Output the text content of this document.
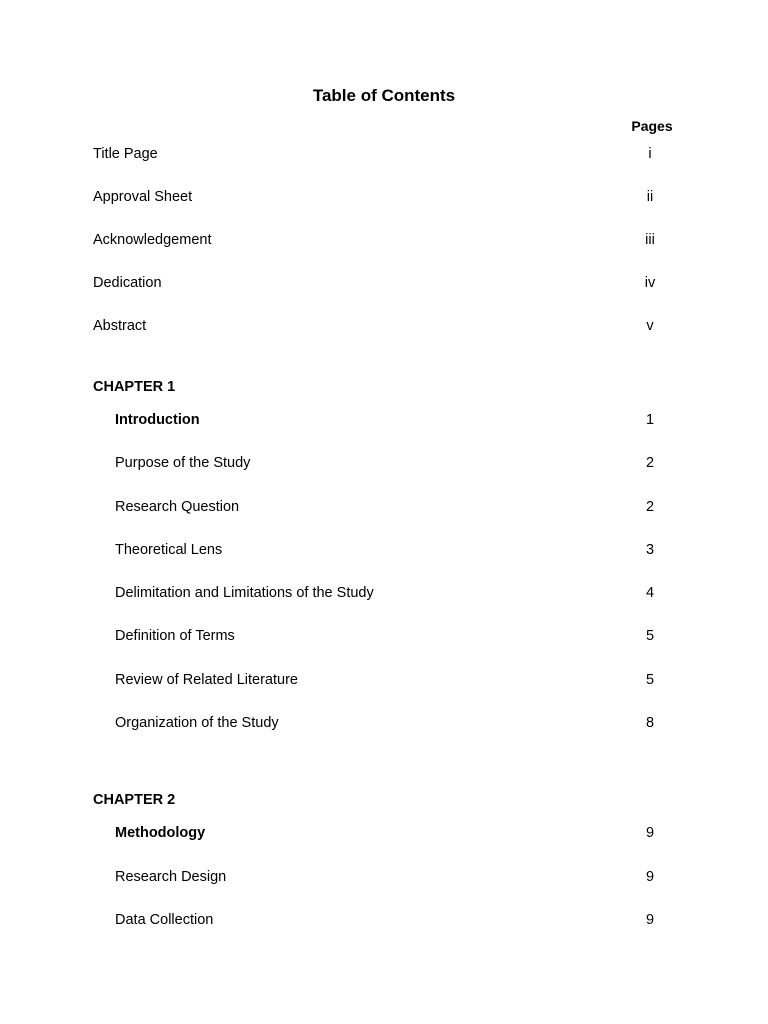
Table of Contents
Pages
Title Page	i
Approval Sheet	ii
Acknowledgement	iii
Dedication	iv
Abstract	v
CHAPTER 1
Introduction	1
Purpose of the Study	2
Research Question	2
Theoretical Lens	3
Delimitation and Limitations of the Study	4
Definition of Terms	5
Review of Related Literature	5
Organization of the Study	8
CHAPTER 2
Methodology	9
Research Design	9
Data Collection	9
